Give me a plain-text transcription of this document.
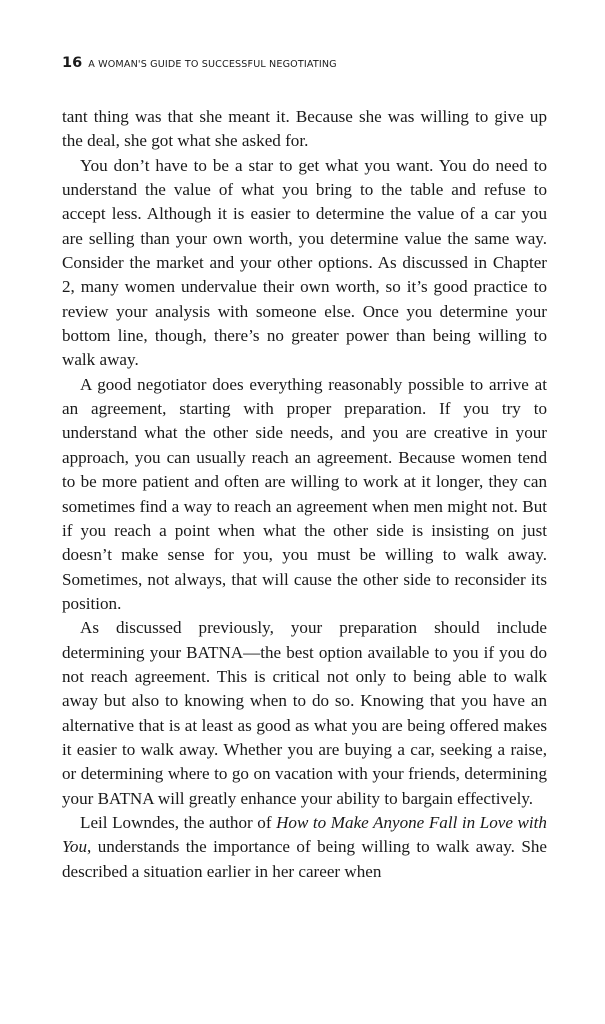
16 A WOMAN'S GUIDE TO SUCCESSFUL NEGOTIATING

tant thing was that she meant it. Because she was willing to give up the deal, she got what she asked for.

You don’t have to be a star to get what you want. You do need to understand the value of what you bring to the table and refuse to accept less. Although it is easier to determine the value of a car you are selling than your own worth, you determine value the same way. Consider the market and your other options. As discussed in Chapter 2, many women undervalue their own worth, so it’s good practice to review your analysis with someone else. Once you determine your bottom line, though, there’s no greater power than being willing to walk away.

A good negotiator does everything reasonably possible to arrive at an agreement, starting with proper preparation. If you try to understand what the other side needs, and you are creative in your approach, you can usually reach an agreement. Because women tend to be more patient and often are willing to work at it longer, they can sometimes find a way to reach an agreement when men might not. But if you reach a point when what the other side is insisting on just doesn’t make sense for you, you must be willing to walk away. Sometimes, not always, that will cause the other side to reconsider its position.

As discussed previously, your preparation should include determining your BATNA—the best option available to you if you do not reach agreement. This is critical not only to being able to walk away but also to knowing when to do so. Knowing that you have an alternative that is at least as good as what you are being offered makes it easier to walk away. Whether you are buying a car, seeking a raise, or determining where to go on vacation with your friends, determining your BATNA will greatly enhance your ability to bargain effectively.

Leil Lowndes, the author of How to Make Anyone Fall in Love with You, understands the importance of being willing to walk away. She described a situation earlier in her career when
